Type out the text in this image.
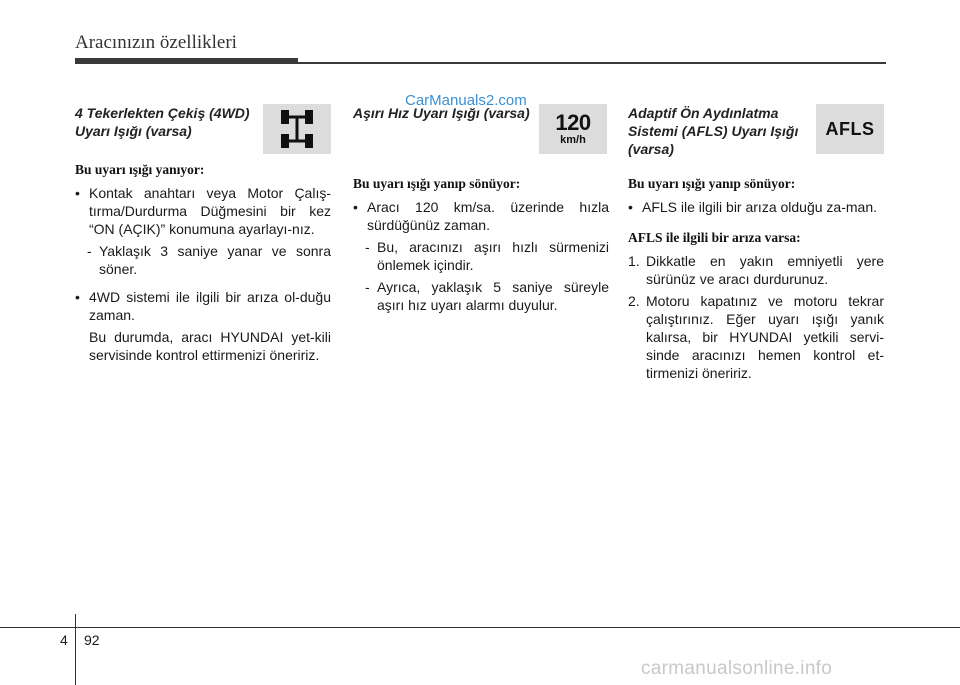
Aracınızın özellikleri
CarManuals2.com
4 Tekerlekten Çekiş (4WD) Uyarı Işığı (varsa)
Bu uyarı ışığı yanıyor:
• Kontak anahtarı veya Motor Çalış-tırma/Durdurma Düğmesini bir kez “ON (AÇIK)” konumuna ayarlayı-nız.
- Yaklaşık 3 saniye yanar ve sonra söner.
• 4WD sistemi ile ilgili bir arıza ol-duğu zaman.
Bu durumda, aracı HYUNDAI yet-kili servisinde kontrol ettirmenizi öneririz.
Aşırı Hız Uyarı Işığı (varsa)	120
km/h
Bu uyarı ışığı yanıp sönüyor:
• Aracı 120 km/sa. üzerinde hızla sürdüğünüz zaman.
- Bu, aracınızı aşırı hızlı sürmenizi önlemek içindir.
- Ayrıca, yaklaşık 5 saniye süreyle aşırı hız uyarı alarmı duyulur.
Adaptif Ön Aydınlatma Sistemi (AFLS) Uyarı Işığı (varsa)
AFLS
Bu uyarı ışığı yanıp sönüyor:
• AFLS ile ilgili bir arıza olduğu za-man.
AFLS ile ilgili bir arıza varsa:
1. Dikkatle en yakın emniyetli yere sürünüz ve aracı durdurunuz.
2. Motoru kapatınız ve motoru tekrar çalıştırınız. Eğer uyarı ışığı yanık kalırsa, bir HYUNDAI yetkili servi-sinde aracınızı hemen kontrol et-tirmenizi öneririz.
4 92
carmanualsonline.info
